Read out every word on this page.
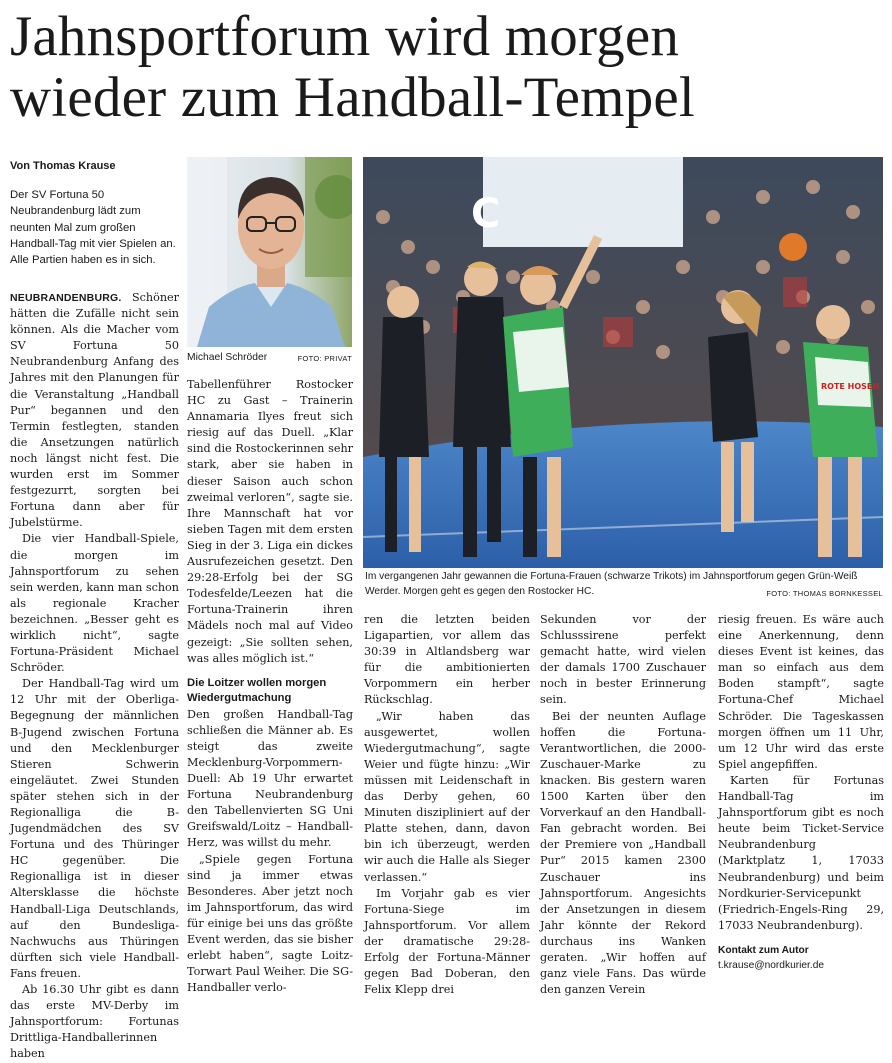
Jahnsportforum wird morgen
wieder zum Handball-Tempel
Von Thomas Krause
Der SV Fortuna 50 Neubrandenburg lädt zum neunten Mal zum großen Handball-Tag mit vier Spielen an. Alle Partien haben es in sich.

NEUBRANDENBURG. Schöner hätten die Zufälle nicht sein können. Als die Macher vom SV Fortuna 50 Neubrandenburg Anfang des Jahres mit den Planungen für die Veranstaltung „Handball Pur“ begannen und den Termin festlegten, standen die Ansetzungen natürlich noch längst nicht fest. Die wurden erst im Sommer festgezurrt, sorgten bei Fortuna dann aber für Jubelstürme.

Die vier Handball-Spiele, die morgen im Jahnsportforum zu sehen sein werden, kann man schon als regionale Kracher bezeichnen. „Besser geht es wirklich nicht“, sagte Fortuna-Präsident Michael Schröder.

Der Handball-Tag wird um 12 Uhr mit der Oberliga-Begegnung der männlichen B-Jugend zwischen Fortuna und den Mecklenburger Stieren Schwerin eingeläutet. Zwei Stunden später stehen sich in der Regionalliga die B-Jugendmädchen des SV Fortuna und des Thüringer HC gegenüber. Die Regionalliga ist in dieser Altersklasse die höchste Handball-Liga Deutschlands, auf den Bundesliga-Nachwuchs aus Thüringen dürften sich viele Handball-Fans freuen.

Ab 16.30 Uhr gibt es dann das erste MV-Derby im Jahnsportforum: Fortunas Drittliga-Handballerinnen haben

Michael Schröder	FOTO: PRIVAT

Tabellenführer Rostocker HC zu Gast – Trainerin Annamaria Ilyes freut sich riesig auf das Duell. „Klar sind die Rostockerinnen sehr stark, aber sie haben in dieser Saison auch schon zweimal verloren“, sagte sie. Ihre Mannschaft hat vor sieben Tagen mit dem ersten Sieg in der 3. Liga ein dickes Ausrufezeichen gesetzt. Den 29:28-Erfolg bei der SG Todesfelde/Leezen hat die Fortuna-Trainerin ihren Mädels noch mal auf Video gezeigt: „Sie sollten sehen, was alles möglich ist.“

Die Loitzer wollen morgen Wiedergutmachung

Den großen Handball-Tag schließen die Männer ab. Es steigt das zweite Mecklenburg-Vorpommern-Duell: Ab 19 Uhr erwartet Fortuna Neubrandenburg den Tabellenvierten SG Uni Greifswald/Loitz – Handball-Herz, was willst du mehr.

„Spiele gegen Fortuna sind ja immer etwas Besonderes. Aber jetzt noch im Jahnsportforum, das wird für einige bei uns das größte Event werden, das sie bisher erlebt haben“, sagte Loitz-Torwart Paul Weiher. Die SG-Handballer verlo-

C
ROTE HOSEN
Im vergangenen Jahr gewannen die Fortuna-Frauen (schwarze Trikots) im Jahnsportforum gegen Grün-Weiß Werder. Morgen geht es gegen den Rostocker HC.	FOTO: THOMAS BORNKESSEL

ren die letzten beiden Ligapartien, vor allem das 30:39 in Altlandsberg war für die ambitionierten Vorpommern ein herber Rückschlag.

„Wir haben das ausgewertet, wollen Wiedergutmachung“, sagte Weier und fügte hinzu: „Wir müssen mit Leidenschaft in das Derby gehen, 60 Minuten diszipliniert auf der Platte stehen, dann, davon bin ich überzeugt, werden wir auch die Halle als Sieger verlassen.“

Im Vorjahr gab es vier Fortuna-Siege im Jahnsportforum. Vor allem der dramatische 29:28-Erfolg der Fortuna-Männer gegen Bad Doberan, den Felix Klepp drei

Sekunden vor der Schlusssirene perfekt gemacht hatte, wird vielen der damals 1700 Zuschauer noch in bester Erinnerung sein.

Bei der neunten Auflage hoffen die Fortuna-Verantwortlichen, die 2000-Zuschauer-Marke zu knacken. Bis gestern waren 1500 Karten über den Vorverkauf an den Handball-Fan gebracht worden. Bei der Premiere von „Handball Pur“ 2015 kamen 2300 Zuschauer ins Jahnsportforum. Angesichts der Ansetzungen in diesem Jahr könnte der Rekord durchaus ins Wanken geraten. „Wir hoffen auf ganz viele Fans. Das würde den ganzen Verein

riesig freuen. Es wäre auch eine Anerkennung, denn dieses Event ist keines, das man so einfach aus dem Boden stampft“, sagte Fortuna-Chef Michael Schröder. Die Tageskassen morgen öffnen um 11 Uhr, um 12 Uhr wird das erste Spiel angepfiffen.

Karten für Fortunas Handball-Tag im Jahnsportforum gibt es noch heute beim Ticket-Service Neubrandenburg (Marktplatz 1, 17033 Neubrandenburg) und beim Nordkurier-Servicepunkt (Friedrich-Engels-Ring 29, 17033 Neubrandenburg).

Kontakt zum Autor
t.krause@nordkurier.de
